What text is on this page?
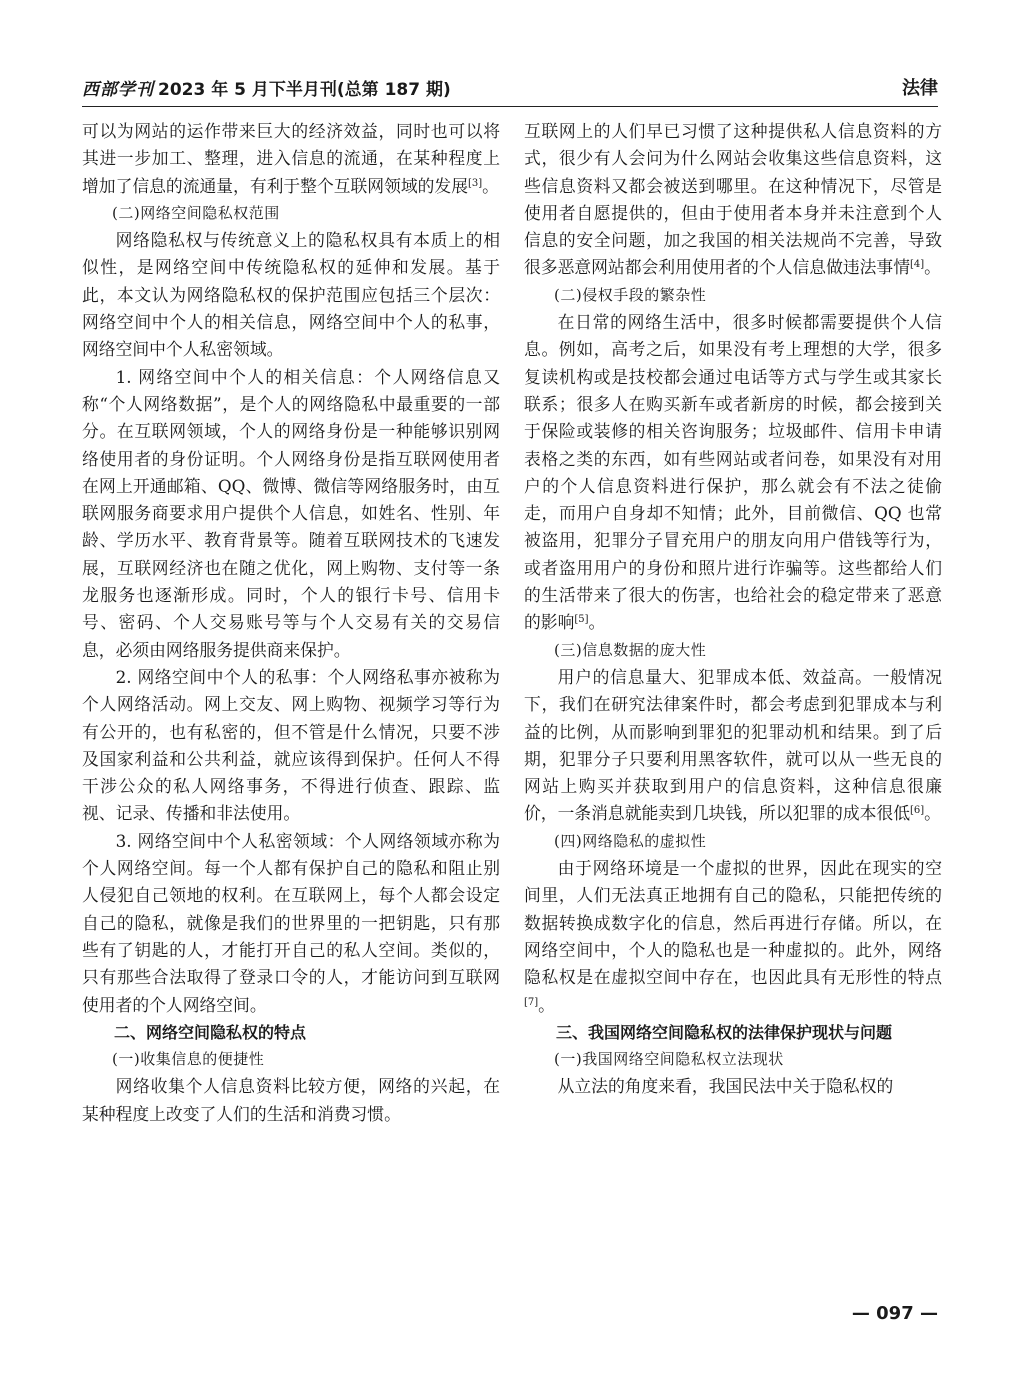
西部学刊 2023 年 5 月下半月刊(总第 187 期)	法律

可以为网站的运作带来巨大的经济效益，同时也可以将其进一步加工、整理，进入信息的流通，在某种程度上增加了信息的流通量，有利于整个互联网领域的发展[3]。

(二)网络空间隐私权范围

网络隐私权与传统意义上的隐私权具有本质上的相似性，是网络空间中传统隐私权的延伸和发展。基于此，本文认为网络隐私权的保护范围应包括三个层次：网络空间中个人的相关信息，网络空间中个人的私事，网络空间中个人私密领域。

1. 网络空间中个人的相关信息：个人网络信息又称“个人网络数据”，是个人的网络隐私中最重要的一部分。在互联网领域，个人的网络身份是一种能够识别网络使用者的身份证明。个人网络身份是指互联网使用者在网上开通邮箱、QQ、微博、微信等网络服务时，由互联网服务商要求用户提供个人信息，如姓名、性别、年龄、学历水平、教育背景等。随着互联网技术的飞速发展，互联网经济也在随之优化，网上购物、支付等一条龙服务也逐渐形成。同时，个人的银行卡号、信用卡号、密码、个人交易账号等与个人交易有关的交易信息，必须由网络服务提供商来保护。

2. 网络空间中个人的私事：个人网络私事亦被称为个人网络活动。网上交友、网上购物、视频学习等行为有公开的，也有私密的，但不管是什么情况，只要不涉及国家利益和公共利益，就应该得到保护。任何人不得干涉公众的私人网络事务，不得进行侦查、跟踪、监视、记录、传播和非法使用。

3. 网络空间中个人私密领域：个人网络领域亦称为个人网络空间。每一个人都有保护自己的隐私和阻止别人侵犯自己领地的权利。在互联网上，每个人都会设定自己的隐私，就像是我们的世界里的一把钥匙，只有那些有了钥匙的人，才能打开自己的私人空间。类似的，只有那些合法取得了登录口令的人，才能访问到互联网使用者的个人网络空间。

二、网络空间隐私权的特点
(一)收集信息的便捷性

网络收集个人信息资料比较方便，网络的兴起，在某种程度上改变了人们的生活和消费习惯。

互联网上的人们早已习惯了这种提供私人信息资料的方式，很少有人会问为什么网站会收集这些信息资料，这些信息资料又都会被送到哪里。在这种情况下，尽管是使用者自愿提供的，但由于使用者本身并未注意到个人信息的安全问题，加之我国的相关法规尚不完善，导致很多恶意网站都会利用使用者的个人信息做违法事情[4]。

(二)侵权手段的繁杂性

在日常的网络生活中，很多时候都需要提供个人信息。例如，高考之后，如果没有考上理想的大学，很多复读机构或是技校都会通过电话等方式与学生或其家长联系；很多人在购买新车或者新房的时候，都会接到关于保险或装修的相关咨询服务；垃圾邮件、信用卡申请表格之类的东西，如有些网站或者问卷，如果没有对用户的个人信息资料进行保护，那么就会有不法之徒偷走，而用户自身却不知情；此外，目前微信、QQ 也常被盗用，犯罪分子冒充用户的朋友向用户借钱等行为，或者盗用用户的身份和照片进行诈骗等。这些都给人们的生活带来了很大的伤害，也给社会的稳定带来了恶意的影响[5]。

(三)信息数据的庞大性

用户的信息量大、犯罪成本低、效益高。一般情况下，我们在研究法律案件时，都会考虑到犯罪成本与利益的比例，从而影响到罪犯的犯罪动机和结果。到了后期，犯罪分子只要利用黑客软件，就可以从一些无良的网站上购买并获取到用户的信息资料，这种信息很廉价，一条消息就能卖到几块钱，所以犯罪的成本很低[6]。

(四)网络隐私的虚拟性

由于网络环境是一个虚拟的世界，因此在现实的空间里，人们无法真正地拥有自己的隐私，只能把传统的数据转换成数字化的信息，然后再进行存储。所以，在网络空间中，个人的隐私也是一种虚拟的。此外，网络隐私权是在虚拟空间中存在，也因此具有无形性的特点[7]。

三、我国网络空间隐私权的法律保护现状与问题
(一)我国网络空间隐私权立法现状

从立法的角度来看，我国民法中关于隐私权的

— 097 —
